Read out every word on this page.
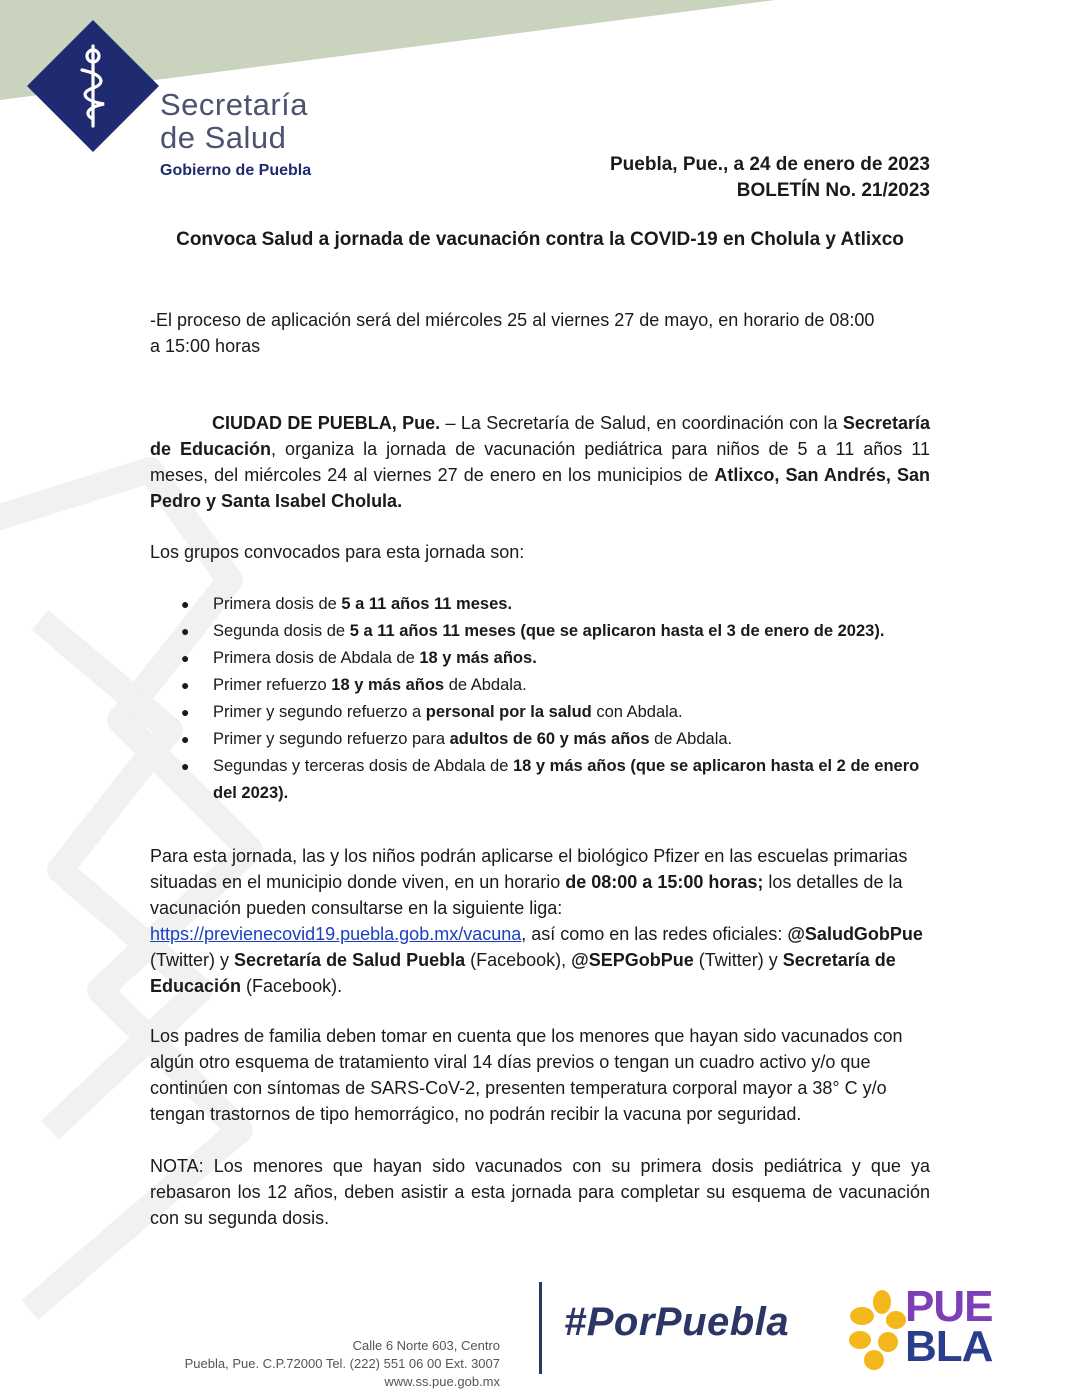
Secretaría
de Salud
Gobierno de Puebla	Puebla, Pue., a 24 de enero de 2023
BOLETÍN No. 21/2023
Convoca Salud a jornada de vacunación contra la COVID-19 en Cholula y Atlixco
-El proceso de aplicación será del miércoles 25 al viernes 27 de mayo, en horario de 08:00
a 15:00 horas

CIUDAD DE PUEBLA, Pue. – La Secretaría de Salud, en coordinación con la Secretaría de Educación, organiza la jornada de vacunación pediátrica para niños de 5 a 11 años 11 meses, del miércoles 24 al viernes 27 de enero en los municipios de Atlixco, San Andrés, San Pedro y Santa Isabel Cholula.

Los grupos convocados para esta jornada son:
● Primera dosis de 5 a 11 años 11 meses.
● Segunda dosis de 5 a 11 años 11 meses (que se aplicaron hasta el 3 de enero de 2023).
● Primera dosis de Abdala de 18 y más años.
● Primer refuerzo 18 y más años de Abdala.
● Primer y segundo refuerzo a personal por la salud con Abdala.
● Primer y segundo refuerzo para adultos de 60 y más años de Abdala.
● Segundas y terceras dosis de Abdala de 18 y más años (que se aplicaron hasta el 2 de enero del 2023).

Para esta jornada, las y los niños podrán aplicarse el biológico Pfizer en las escuelas primarias situadas en el municipio donde viven, en un horario de 08:00 a 15:00 horas; los detalles de la vacunación pueden consultarse en la siguiente liga: https://previenecovid19.puebla.gob.mx/vacuna, así como en las redes oficiales: @SaludGobPue (Twitter) y Secretaría de Salud Puebla (Facebook), @SEPGobPue (Twitter) y Secretaría de Educación (Facebook).

Los padres de familia deben tomar en cuenta que los menores que hayan sido vacunados con algún otro esquema de tratamiento viral 14 días previos o tengan un cuadro activo y/o que continúen con síntomas de SARS-CoV-2, presenten temperatura corporal mayor a 38° C y/o tengan trastornos de tipo hemorrágico, no podrán recibir la vacuna por seguridad.

NOTA: Los menores que hayan sido vacunados con su primera dosis pediátrica y que ya rebasaron los 12 años, deben asistir a esta jornada para completar su esquema de vacunación con su segunda dosis.

Calle 6 Norte 603, Centro
Puebla, Pue. C.P.72000 Tel. (222) 551 06 00 Ext. 3007
www.ss.pue.gob.mx
#PorPuebla	PUE
BLA
